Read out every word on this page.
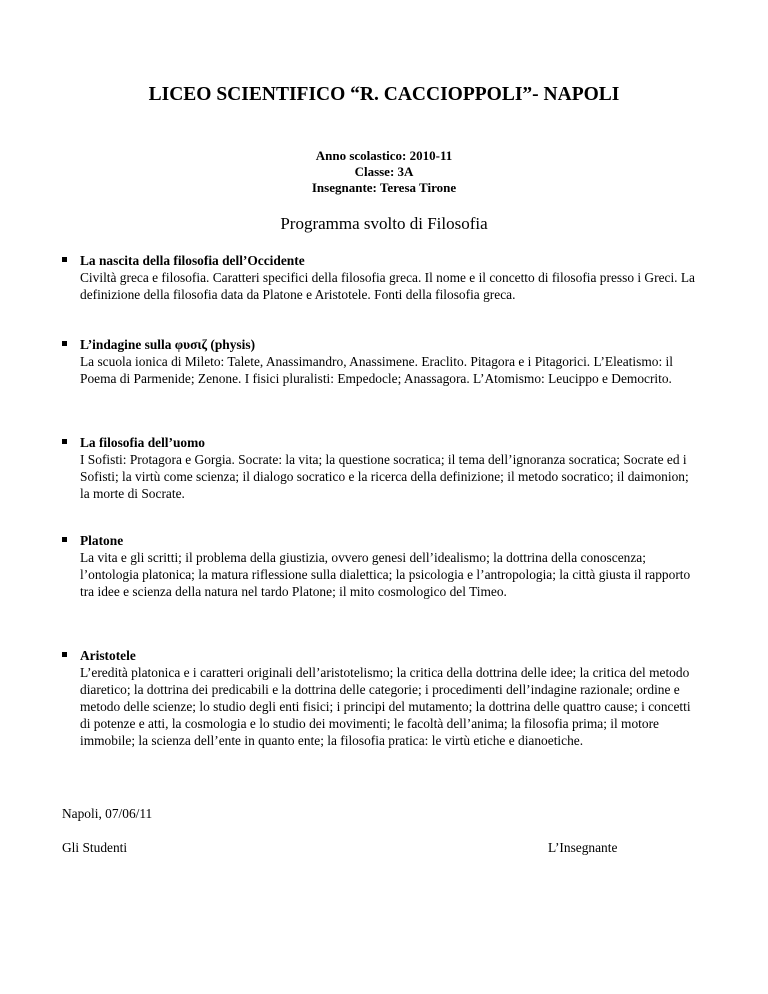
LICEO SCIENTIFICO “R. CACCIOPPOLI”- NAPOLI
Anno scolastico: 2010-11
Classe: 3A
Insegnante: Teresa Tirone
Programma svolto di Filosofia
La nascita della filosofia dell’Occidente
Civiltà greca e filosofia. Caratteri specifici della filosofia greca. Il nome e il concetto di filosofia presso i Greci. La definizione della filosofia data da Platone e Aristotele. Fonti della filosofia greca.
L’indagine sulla φυσιζ (physis)
La scuola ionica di Mileto: Talete, Anassimandro, Anassimene. Eraclito. Pitagora e i Pitagorici. L’Eleatismo: il Poema di Parmenide; Zenone. I fisici pluralisti: Empedocle; Anassagora. L’Atomismo: Leucippo e Democrito.
La filosofia dell’uomo
I Sofisti: Protagora e Gorgia. Socrate: la vita; la questione socratica; il tema dell’ignoranza socratica; Socrate ed i Sofisti; la virtù come scienza; il dialogo socratico e la ricerca della definizione; il metodo socratico; il daimonion; la morte di Socrate.
Platone
La vita e gli scritti; il problema della giustizia, ovvero genesi dell’idealismo; la dottrina della conoscenza; l’ontologia platonica; la matura riflessione sulla dialettica; la psicologia e l’antropologia; la città giusta il rapporto tra idee e scienza della natura nel tardo Platone; il mito cosmologico del Timeo.
Aristotele
L’eredità platonica e i caratteri originali dell’aristotelismo; la critica della dottrina delle idee; la critica del metodo diaretico; la dottrina dei predicabili e la dottrina delle categorie; i procedimenti dell’indagine razionale; ordine e metodo delle scienze; lo studio degli enti fisici; i principi del mutamento; la dottrina delle quattro cause; i concetti di potenze e atti, la cosmologia e lo studio dei movimenti; le facoltà dell’anima; la filosofia prima; il motore immobile; la scienza dell’ente in quanto ente; la filosofia pratica: le virtù etiche e dianoetiche.
Napoli, 07/06/11
Gli Studenti	L’Insegnante
